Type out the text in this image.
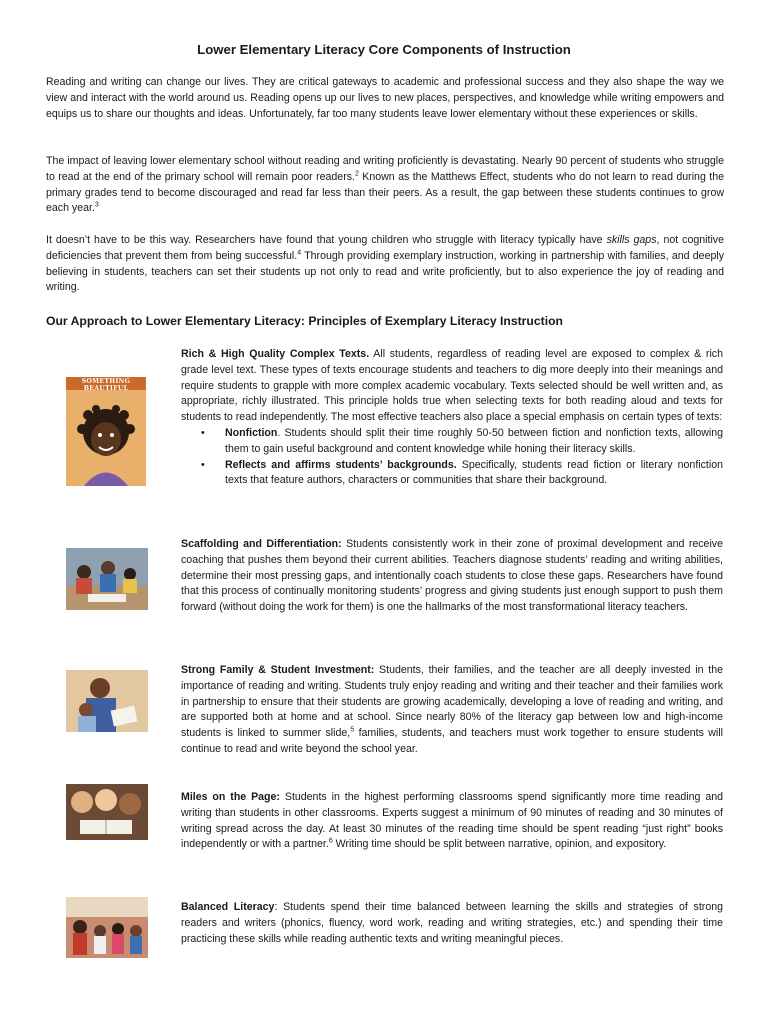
Lower Elementary Literacy Core Components of Instruction

Reading and writing can change our lives. They are critical gateways to academic and professional success and they also shape the way we view and interact with the world around us. Reading opens up our lives to new places, perspectives, and knowledge while writing empowers and equips us to share our thoughts and ideas. Unfortunately, far too many students leave lower elementary without these experiences or skills.

The impact of leaving lower elementary school without reading and writing proficiently is devastating. Nearly 90 percent of students who struggle to read at the end of the primary school will remain poor readers.$^2$ Known as the Matthews Effect, students who do not learn to read during the primary grades tend to become discouraged and read far less than their peers. As a result, the gap between these students continues to grow each year.$^3$

It doesn’t have to be this way. Researchers have found that young children who struggle with literacy typically have skills gaps, not cognitive deficiencies that prevent them from being successful.$^4$ Through providing exemplary instruction, working in partnership with families, and deeply believing in students, teachers can set their students up not only to read and write proficiently, but to also experience the joy of reading and writing.

Our Approach to Lower Elementary Literacy: Principles of Exemplary Literacy Instruction
SOMETHING BEAUTIFUL
Rich & High Quality Complex Texts. All students, regardless of reading level are exposed to complex & rich grade level text. These types of texts encourage students and teachers to dig more deeply into their meanings and require students to grapple with more complex academic vocabulary. Texts selected should be well written and, as appropriate, richly illustrated. This principle holds true when selecting texts for both reading aloud and texts for students to read independently. The most effective teachers also place a special emphasis on certain types of texts:
• Nonfiction. Students should split their time roughly 50-50 between fiction and nonfiction texts, allowing them to gain useful background and content knowledge while honing their literacy skills.
• Reflects and affirms students’ backgrounds. Specifically, students read fiction or literary nonfiction texts that feature authors, characters or communities that share their background.

Scaffolding and Differentiation: Students consistently work in their zone of proximal development and receive coaching that pushes them beyond their current abilities. Teachers diagnose students’ reading and writing abilities, determine their most pressing gaps, and intentionally coach students to close these gaps. Researchers have found that this process of continually monitoring students’ progress and giving students just enough support to push them forward (without doing the work for them) is one the hallmarks of the most transformational literacy teachers.

Strong Family & Student Investment: Students, their families, and the teacher are all deeply invested in the importance of reading and writing. Students truly enjoy reading and writing and their teacher and their families work in partnership to ensure that their students are growing academically, developing a love of reading and writing, and are supported both at home and at school. Since nearly 80% of the literacy gap between low and high-income students is linked to summer slide,$^5$ families, students, and teachers must work together to ensure students will continue to read and write beyond the school year.

Miles on the Page: Students in the highest performing classrooms spend significantly more time reading and writing than students in other classrooms. Experts suggest a minimum of 90 minutes of reading and 30 minutes of writing spread across the day. At least 30 minutes of the reading time should be spent reading “just right” books independently or with a partner.$^6$ Writing time should be split between narrative, opinion, and expository.

Balanced Literacy: Students spend their time balanced between learning the skills and strategies of strong readers and writers (phonics, fluency, word work, reading and writing strategies, etc.) and spending their time practicing these skills while reading authentic texts and writing meaningful pieces.
